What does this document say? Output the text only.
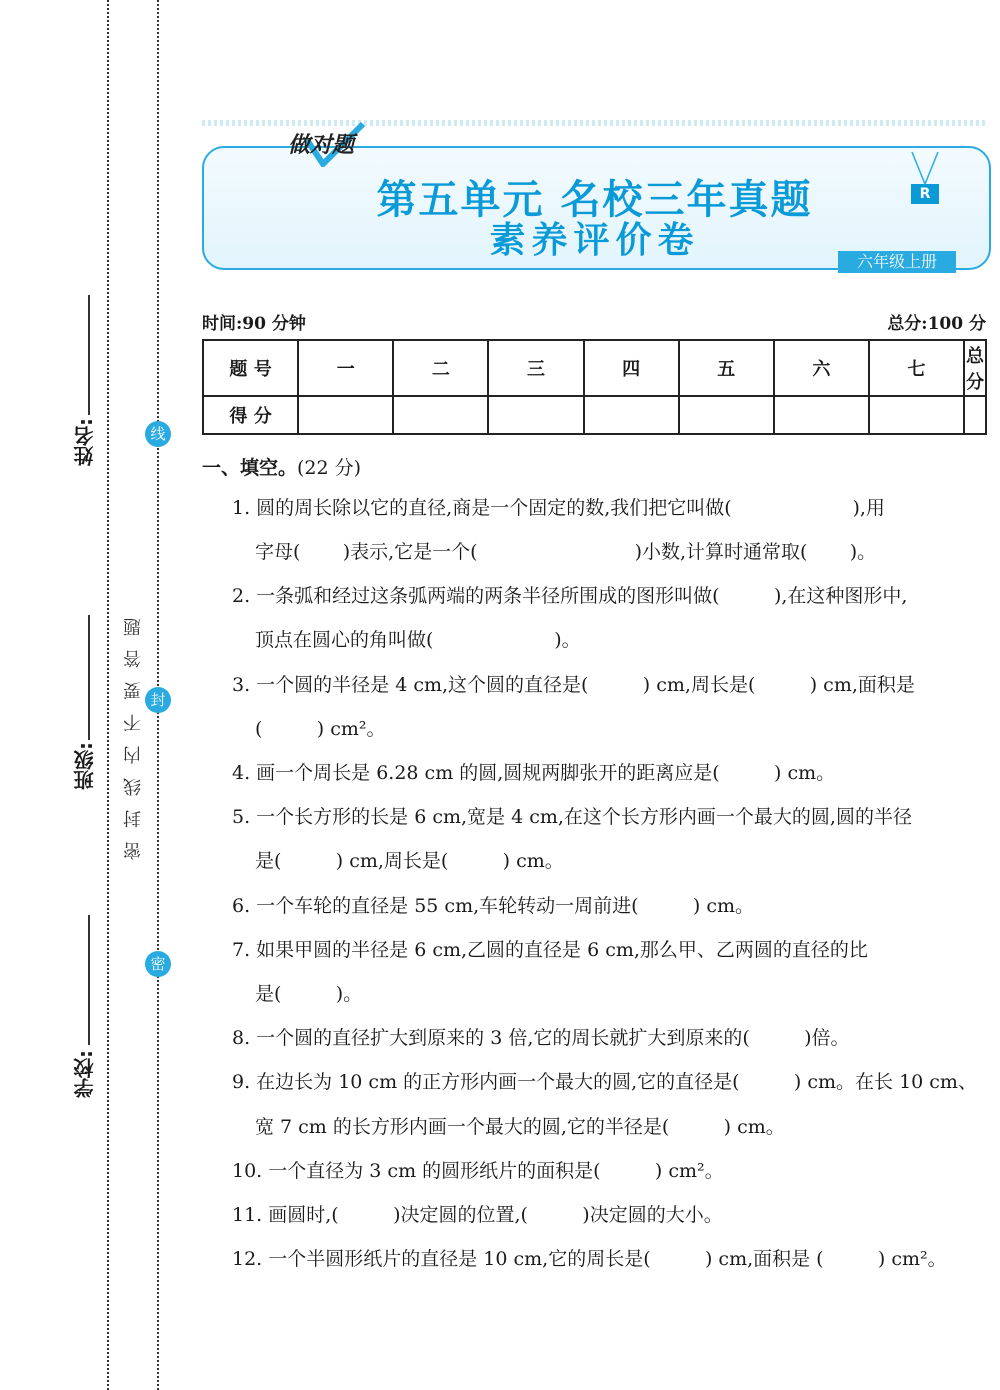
姓名:
班级:
学校:
密封线内不要答题
线
封
密
做对题
第五单元 名校三年真题
素养评价卷
R
六年级上册
时间:90 分钟	总分:100 分
题 号	一	二	三	四	五	六	七	总 分
得 分								
一、填空。(22 分)
1. 圆的周长除以它的直径,商是一个固定的数,我们把它叫做(                    ),用
字母(       )表示,它是一个(                          )小数,计算时通常取(       )。
2. 一条弧和经过这条弧两端的两条半径所围成的图形叫做(         ),在这种图形中,
顶点在圆心的角叫做(                    )。
3. 一个圆的半径是 4 cm,这个圆的直径是(         ) cm,周长是(         ) cm,面积是
(         ) cm²。
4. 画一个周长是 6.28 cm 的圆,圆规两脚张开的距离应是(         ) cm。
5. 一个长方形的长是 6 cm,宽是 4 cm,在这个长方形内画一个最大的圆,圆的半径
是(         ) cm,周长是(         ) cm。
6. 一个车轮的直径是 55 cm,车轮转动一周前进(         ) cm。
7. 如果甲圆的半径是 6 cm,乙圆的直径是 6 cm,那么甲、乙两圆的直径的比
是(         )。
8. 一个圆的直径扩大到原来的 3 倍,它的周长就扩大到原来的(         )倍。
9. 在边长为 10 cm 的正方形内画一个最大的圆,它的直径是(         ) cm。在长 10 cm、
宽 7 cm 的长方形内画一个最大的圆,它的半径是(         ) cm。
10. 一个直径为 3 cm 的圆形纸片的面积是(         ) cm²。
11. 画圆时,(         )决定圆的位置,(         )决定圆的大小。
12. 一个半圆形纸片的直径是 10 cm,它的周长是(         ) cm,面积是 (         ) cm²。
